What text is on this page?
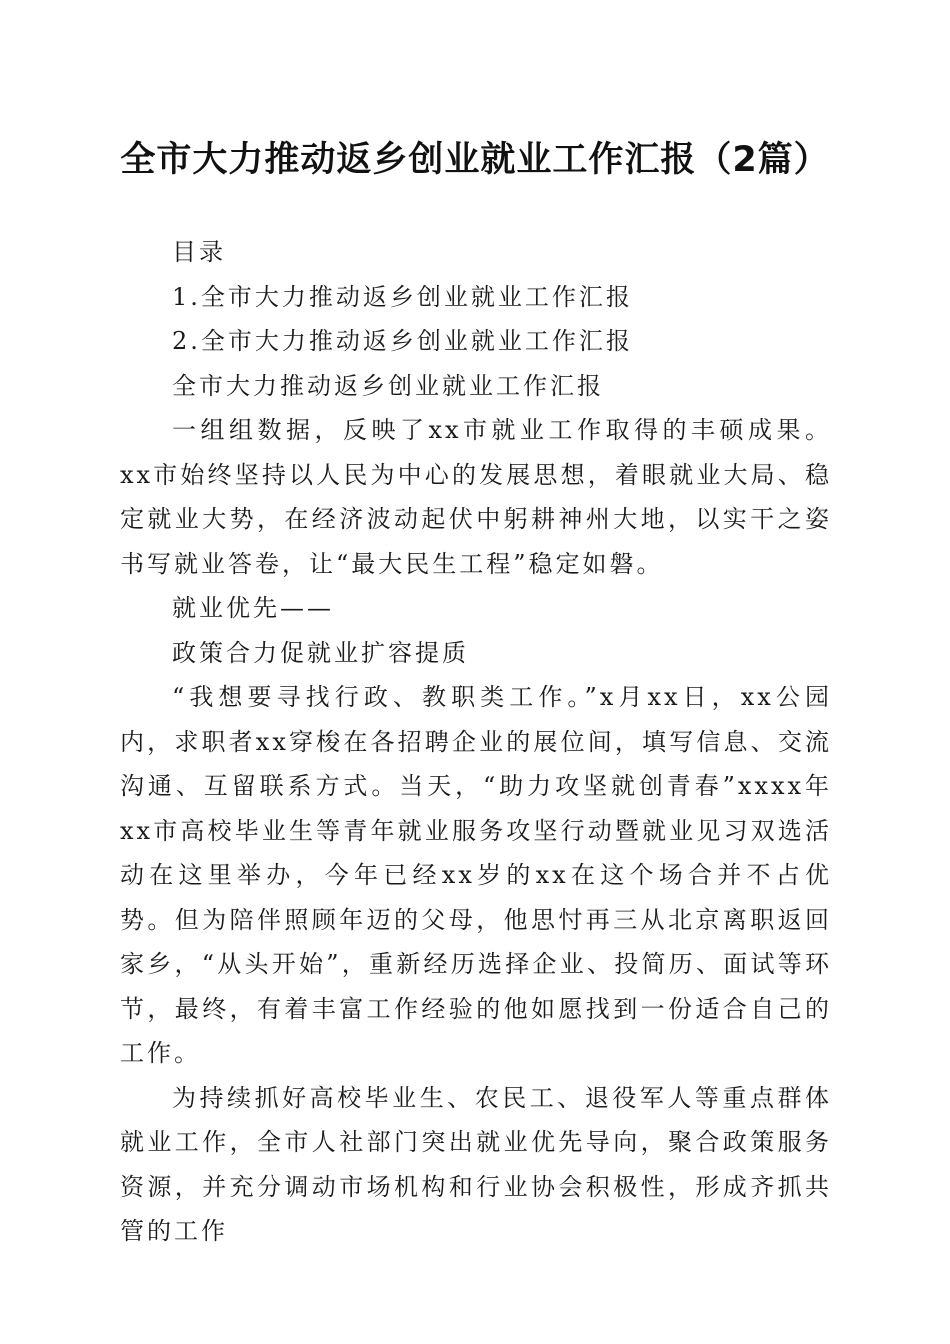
全市大力推动返乡创业就业工作汇报（2篇）

目录

1.全市大力推动返乡创业就业工作汇报

2.全市大力推动返乡创业就业工作汇报

全市大力推动返乡创业就业工作汇报

一组组数据，反映了xx市就业工作取得的丰硕成果。xx市始终坚持以人民为中心的发展思想，着眼就业大局、稳定就业大势，在经济波动起伏中躬耕神州大地，以实干之姿书写就业答卷，让“最大民生工程”稳定如磐。

就业优先——

政策合力促就业扩容提质

“我想要寻找行政、教职类工作。”x月xx日，xx公园内，求职者xx穿梭在各招聘企业的展位间，填写信息、交流沟通、互留联系方式。当天，“助力攻坚就创青春”xxxx年xx市高校毕业生等青年就业服务攻坚行动暨就业见习双选活动在这里举办，今年已经xx岁的xx在这个场合并不占优势。但为陪伴照顾年迈的父母，他思忖再三从北京离职返回家乡，“从头开始”，重新经历选择企业、投简历、面试等环节，最终，有着丰富工作经验的他如愿找到一份适合自己的工作。

为持续抓好高校毕业生、农民工、退役军人等重点群体就业工作，全市人社部门突出就业优先导向，聚合政策服务资源，并充分调动市场机构和行业协会积极性，形成齐抓共管的工作
